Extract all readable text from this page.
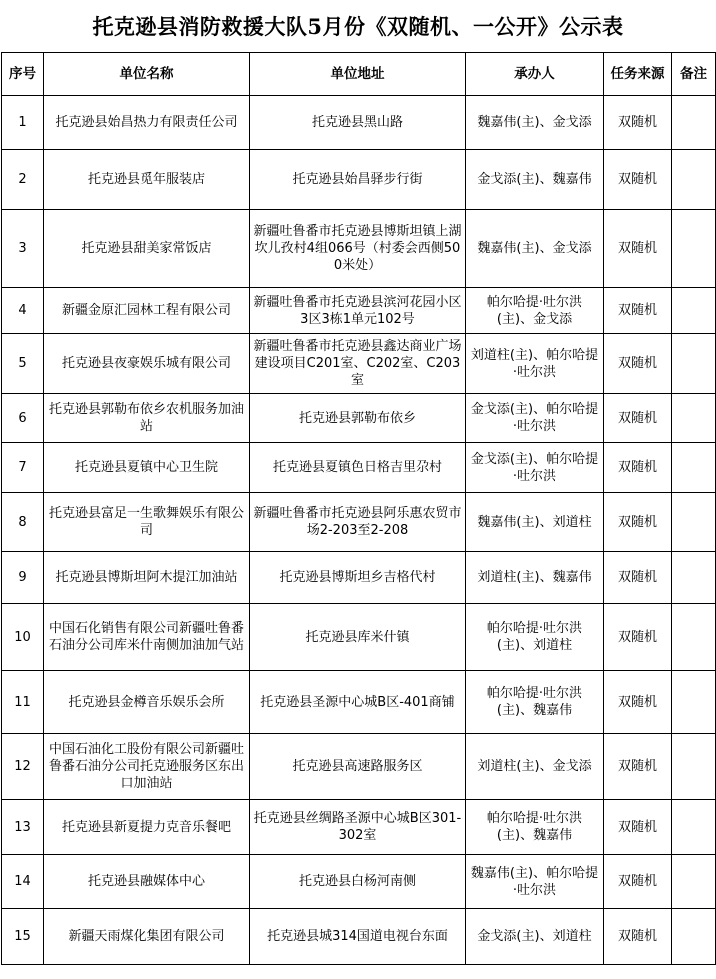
托克逊县消防救援大队5月份《双随机、一公开》公示表
序号	单位名称	单位地址	承办人	任务来源	备注
1	托克逊县始昌热力有限责任公司	托克逊县黑山路	魏嘉伟(主)、金戈添	双随机	
2	托克逊县觅年服装店	托克逊县始昌驿步行街	金戈添(主)、魏嘉伟	双随机	
3	托克逊县甜美家常饭店	新疆吐鲁番市托克逊县博斯坦镇上湖坎儿孜村4组066号（村委会西侧500米处）	魏嘉伟(主)、金戈添	双随机	
4	新疆金原汇园林工程有限公司	新疆吐鲁番市托克逊县滨河花园小区3区3栋1单元102号	帕尔哈提·吐尔洪(主)、金戈添	双随机	
5	托克逊县夜豪娱乐城有限公司	新疆吐鲁番市托克逊县鑫达商业广场建设项目C201室、C202室、C203室	刘道柱(主)、帕尔哈提·吐尔洪	双随机	
6	托克逊县郭勒布依乡农机服务加油站	托克逊县郭勒布依乡	金戈添(主)、帕尔哈提·吐尔洪	双随机	
7	托克逊县夏镇中心卫生院	托克逊县夏镇色日格吉里尕村	金戈添(主)、帕尔哈提·吐尔洪	双随机	
8	托克逊县富足一生歌舞娱乐有限公司	新疆吐鲁番市托克逊县阿乐惠农贸市场2-203至2-208	魏嘉伟(主)、刘道柱	双随机	
9	托克逊县博斯坦阿木提江加油站	托克逊县博斯坦乡吉格代村	刘道柱(主)、魏嘉伟	双随机	
10	中国石化销售有限公司新疆吐鲁番石油分公司库米什南侧加油加气站	托克逊县库米什镇	帕尔哈提·吐尔洪(主)、刘道柱	双随机	
11	托克逊县金樽音乐娱乐会所	托克逊县圣源中心城B区-401商铺	帕尔哈提·吐尔洪(主)、魏嘉伟	双随机	
12	中国石油化工股份有限公司新疆吐鲁番石油分公司托克逊服务区东出口加油站	托克逊县高速路服务区	刘道柱(主)、金戈添	双随机	
13	托克逊县新夏提力克音乐餐吧	托克逊县丝绸路圣源中心城B区301-302室	帕尔哈提·吐尔洪(主)、魏嘉伟	双随机	
14	托克逊县融媒体中心	托克逊县白杨河南侧	魏嘉伟(主)、帕尔哈提·吐尔洪	双随机	
15	新疆天雨煤化集团有限公司	托克逊县城314国道电视台东面	金戈添(主)、刘道柱	双随机	
